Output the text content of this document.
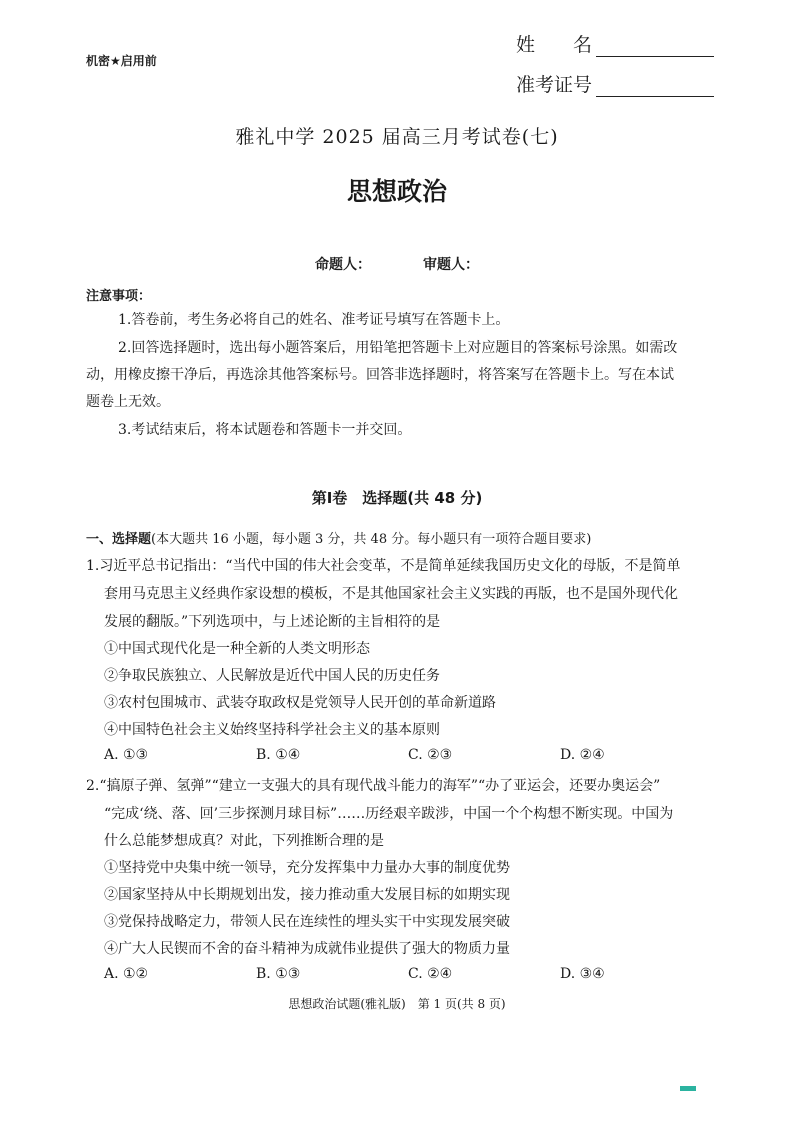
机密★启用前
姓　　名
准考证号
雅礼中学 2025 届高三月考试卷(七)
思想政治
命题人：	审题人：
注意事项：
1.答卷前，考生务必将自己的姓名、准考证号填写在答题卡上。
2.回答选择题时，选出每小题答案后，用铅笔把答题卡上对应题目的答案标号涂黑。如需改
动，用橡皮擦干净后，再选涂其他答案标号。回答非选择题时，将答案写在答题卡上。写在本试
题卷上无效。
3.考试结束后，将本试题卷和答题卡一并交回。
第Ⅰ卷　选择题(共 48 分)
一、选择题(本大题共 16 小题，每小题 3 分，共 48 分。每小题只有一项符合题目要求)
1.习近平总书记指出：“当代中国的伟大社会变革，不是简单延续我国历史文化的母版，不是简单
套用马克思主义经典作家设想的模板，不是其他国家社会主义实践的再版，也不是国外现代化
发展的翻版。”下列选项中，与上述论断的主旨相符的是
①中国式现代化是一种全新的人类文明形态
②争取民族独立、人民解放是近代中国人民的历史任务
③农村包围城市、武装夺取政权是党领导人民开创的革命新道路
④中国特色社会主义始终坚持科学社会主义的基本原则
A. ①③	B. ①④	C. ②③	D. ②④
2.“搞原子弹、氢弹”“建立一支强大的具有现代战斗能力的海军”“办了亚运会，还要办奥运会”
“完成‘绕、落、回’三步探测月球目标”……历经艰辛跋涉，中国一个个构想不断实现。中国为
什么总能梦想成真？对此，下列推断合理的是
①坚持党中央集中统一领导，充分发挥集中力量办大事的制度优势
②国家坚持从中长期规划出发，接力推动重大发展目标的如期实现
③党保持战略定力，带领人民在连续性的埋头实干中实现发展突破
④广大人民锲而不舍的奋斗精神为成就伟业提供了强大的物质力量
A. ①②	B. ①③	C. ②④	D. ③④
思想政治试题(雅礼版)　第 1 页(共 8 页)
